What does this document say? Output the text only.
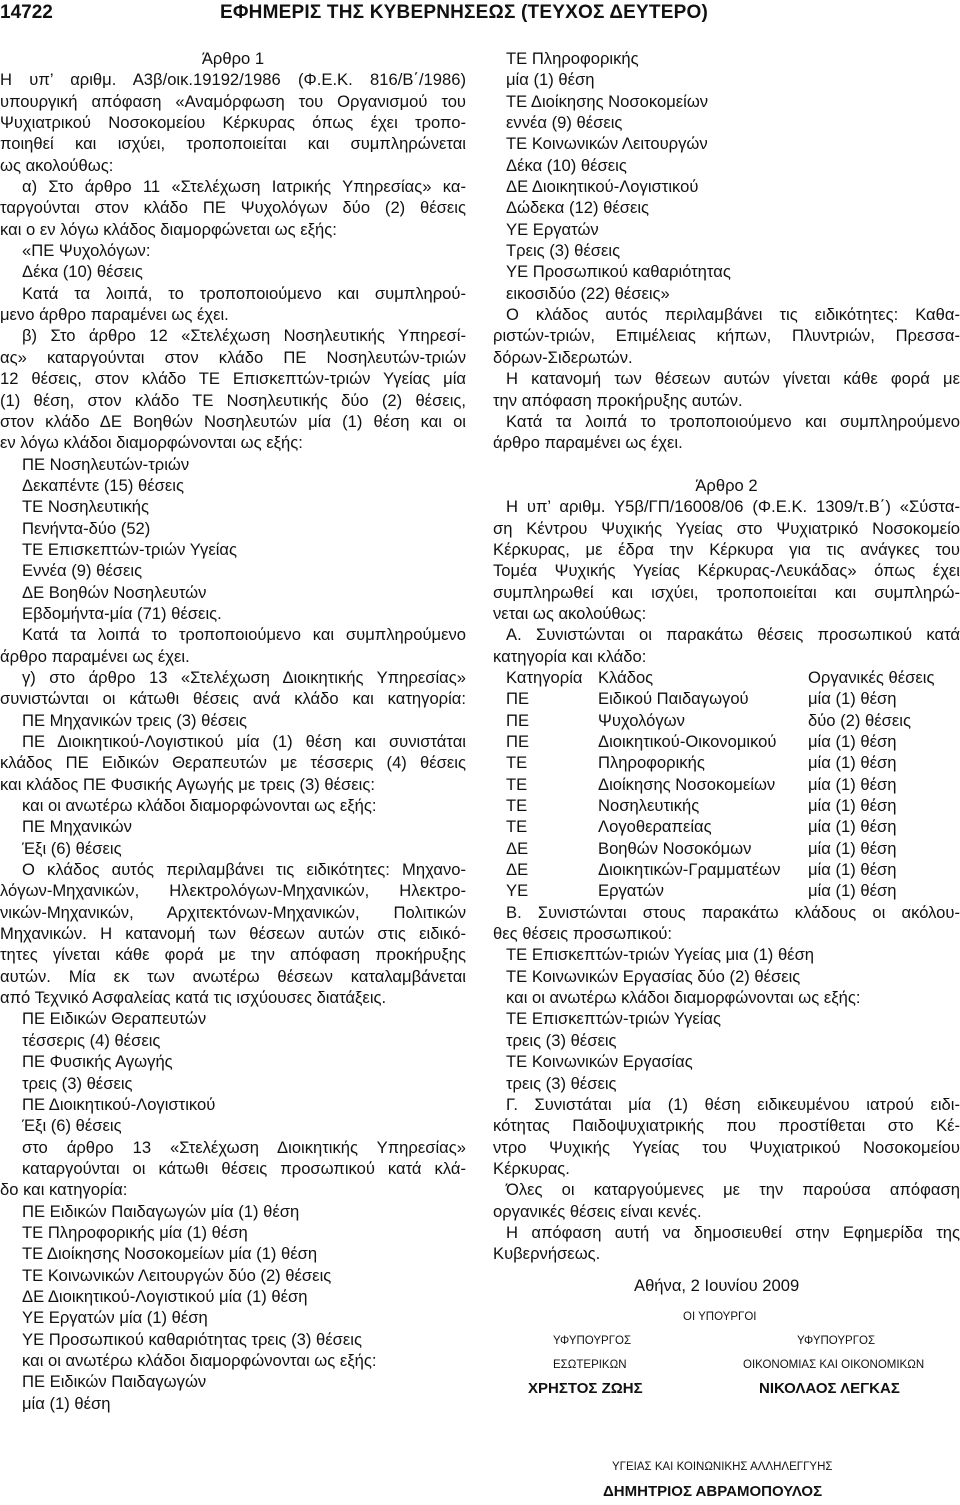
14722	ΕΦΗΜΕΡΙΣ ΤΗΣ ΚΥΒΕΡΝΗΣΕΩΣ (ΤΕΥΧΟΣ ΔΕΥΤΕΡΟ)

Άρθρο 1

Η υπ’ αριθμ. Α3β/οικ.19192/1986 (Φ.Ε.Κ. 816/Β΄/1986)

υπουργική απόφαση «Αναμόρφωση του Οργανισμού του

Ψυχιατρικού Νοσοκομείου Κέρκυρας όπως έχει τροπο-

ποιηθεί και ισχύει, τροποποιείται και συμπληρώνεται

ως ακολούθως:

α) Στο άρθρο 11 «Στελέχωση Ιατρικής Υπηρεσίας» κα-

ταργούνται στον κλάδο ΠΕ Ψυχολόγων δύο (2) θέσεις

και ο εν λόγω κλάδος διαμορφώνεται ως εξής:

«ΠΕ Ψυχολόγων:

Δέκα (10) θέσεις

Κατά τα λοιπά, το τροποποιούμενο και συμπληρού-

μενο άρθρο παραμένει ως έχει.

β) Στο άρθρο 12 «Στελέχωση Νοσηλευτικής Υπηρεσί-

ας» καταργούνται στον κλάδο ΠΕ Νοσηλευτών-τριών

12 θέσεις, στον κλάδο ΤΕ Επισκεπτών-τριών Υγείας μία

(1) θέση, στον κλάδο ΤΕ Νοσηλευτικής δύο (2) θέσεις,

στον κλάδο ΔΕ Βοηθών Νοσηλευτών μία (1) θέση και οι

εν λόγω κλάδοι διαμορφώνονται ως εξής:

ΠΕ Νοσηλευτών-τριών

Δεκαπέντε (15) θέσεις

ΤΕ Νοσηλευτικής

Πενήντα-δύο (52)

ΤΕ Επισκεπτών-τριών Υγείας

Εννέα (9) θέσεις

ΔΕ Βοηθών Νοσηλευτών

Εβδομήντα-μία (71) θέσεις.

Κατά τα λοιπά το τροποποιούμενο και συμπληρούμενο

άρθρο παραμένει ως έχει.

γ) στο άρθρο 13 «Στελέχωση Διοικητικής Υπηρεσίας»

συνιστώνται οι κάτωθι θέσεις ανά κλάδο και κατηγορία:

ΠΕ Μηχανικών τρεις (3) θέσεις

ΠΕ Διοικητικού-Λογιστικού μία (1) θέση και συνιστάται

κλάδος ΠΕ Ειδικών Θεραπευτών με τέσσερις (4) θέσεις

και κλάδος ΠΕ Φυσικής Αγωγής με τρεις (3) θέσεις:

και οι ανωτέρω κλάδοι διαμορφώνονται ως εξής:

ΠΕ Μηχανικών

Έξι (6) θέσεις

Ο κλάδος αυτός περιλαμβάνει τις ειδικότητες: Μηχανο-

λόγων-Μηχανικών, Ηλεκτρολόγων-Μηχανικών, Ηλεκτρο-

νικών-Μηχανικών, Αρχιτεκτόνων-Μηχανικών, Πολιτικών

Μηχανικών. Η κατανομή των θέσεων αυτών στις ειδικό-

τητες γίνεται κάθε φορά με την απόφαση προκήρυξης

αυτών. Μία εκ των ανωτέρω θέσεων καταλαμβάνεται

από Τεχνικό Ασφαλείας κατά τις ισχύουσες διατάξεις.

ΠΕ Ειδικών Θεραπευτών

τέσσερις (4) θέσεις

ΠΕ Φυσικής Αγωγής

τρεις (3) θέσεις

ΠΕ Διοικητικού-Λογιστικού

Έξι (6) θέσεις

στο άρθρο 13 «Στελέχωση Διοικητικής Υπηρεσίας»

καταργούνται οι κάτωθι θέσεις προσωπικού κατά κλά-

δο και κατηγορία:

ΠΕ Ειδικών Παιδαγωγών μία (1) θέση

ΤΕ Πληροφορικής μία (1) θέση

ΤΕ Διοίκησης Νοσοκομείων μία (1) θέση

ΤΕ Κοινωνικών Λειτουργών δύο (2) θέσεις

ΔΕ Διοικητικού-Λογιστικού μία (1) θέση

ΥΕ Εργατών μία (1) θέση

ΥΕ Προσωπικού καθαριότητας τρεις (3) θέσεις

και οι ανωτέρω κλάδοι διαμορφώνονται ως εξής:

ΠΕ Ειδικών Παιδαγωγών

μία (1) θέση

ΤΕ Πληροφορικής

μία (1) θέση

ΤΕ Διοίκησης Νοσοκομείων

εννέα (9) θέσεις

ΤΕ Κοινωνικών Λειτουργών

Δέκα (10) θέσεις

ΔΕ Διοικητικού-Λογιστικού

Δώδεκα (12) θέσεις

ΥΕ Εργατών

Τρεις (3) θέσεις

ΥΕ Προσωπικού καθαριότητας

εικοσιδύο (22) θέσεις»

Ο κλάδος αυτός περιλαμβάνει τις ειδικότητες: Καθα-

ριστών-τριών, Επιμέλειας κήπων, Πλυντριών, Πρεσσα-

δόρων-Σιδερωτών.

Η κατανομή των θέσεων αυτών γίνεται κάθε φορά με

την απόφαση προκήρυξης αυτών.

Κατά τα λοιπά το τροποποιούμενο και συμπληρούμενο

άρθρο παραμένει ως έχει.

Άρθρο 2

Η υπ’ αριθμ. Υ5β/ΓΠ/16008/06 (Φ.Ε.Κ. 1309/τ.Β΄) «Σύστα-

ση Κέντρου Ψυχικής Υγείας στο Ψυχιατρικό Νοσοκομείο

Κέρκυρας, με έδρα την Κέρκυρα για τις ανάγκες του

Τομέα Ψυχικής Υγείας Κέρκυρας-Λευκάδας» όπως έχει

συμπληρωθεί και ισχύει, τροποποιείται και συμπληρώ-

νεται ως ακολούθως:

Α. Συνιστώνται οι παρακάτω θέσεις προσωπικού κατά

κατηγορία και κλάδο:

Κατηγορία	Κλάδος	Οργανικές θέσεις
ΠΕ	Ειδικού Παιδαγωγού	μία (1) θέση
ΠΕ	Ψυχολόγων	δύο (2) θέσεις
ΠΕ	Διοικητικού-Οικονομικού	μία (1) θέση
ΤΕ	Πληροφορικής	μία (1) θέση
ΤΕ	Διοίκησης Νοσοκομείων	μία (1) θέση
ΤΕ	Νοσηλευτικής	μία (1) θέση
ΤΕ	Λογοθεραπείας	μία (1) θέση
ΔΕ	Βοηθών Νοσοκόμων	μία (1) θέση
ΔΕ	Διοικητικών-Γραμματέων	μία (1) θέση
ΥΕ	Εργατών	μία (1) θέση

Β. Συνιστώνται στους παρακάτω κλάδους οι ακόλου-

θες θέσεις προσωπικού:

ΤΕ Επισκεπτών-τριών Υγείας μια (1) θέση

ΤΕ Κοινωνικών Εργασίας δύο (2) θέσεις

και οι ανωτέρω κλάδοι διαμορφώνονται ως εξής:

ΤΕ Επισκεπτών-τριών Υγείας

τρεις (3) θέσεις

ΤΕ Κοινωνικών Εργασίας

τρεις (3) θέσεις

Γ. Συνιστάται μία (1) θέση ειδικευμένου ιατρού ειδι-

κότητας Παιδοψυχιατρικής που προστίθεται στο Κέ-

ντρο Ψυχικής Υγείας του Ψυχιατρικού Νοσοκομείου

Κέρκυρας.

Όλες οι καταργούμενες με την παρούσα απόφαση

οργανικές θέσεις είναι κενές.

Η απόφαση αυτή να δημοσιευθεί στην Εφημερίδα της

Κυβερνήσεως.

Αθήνα, 2 Ιουνίου 2009
ΟΙ ΥΠΟΥΡΓΟΙ
ΥΦΥΠΟΥΡΓΟΣ
ΕΣΩΤΕΡΙΚΩΝ
ΧΡΗΣΤΟΣ ΖΩΗΣ
ΥΦΥΠΟΥΡΓΟΣ
ΟΙΚΟΝΟΜΙΑΣ ΚΑΙ ΟΙΚΟΝΟΜΙΚΩΝ
ΝΙΚΟΛΑΟΣ ΛΕΓΚΑΣ
ΥΓΕΙΑΣ ΚΑΙ ΚΟΙΝΩΝΙΚΗΣ ΑΛΛΗΛΕΓΓΥΗΣ
ΔΗΜΗΤΡΙΟΣ ΑΒΡΑΜΟΠΟΥΛΟΣ
